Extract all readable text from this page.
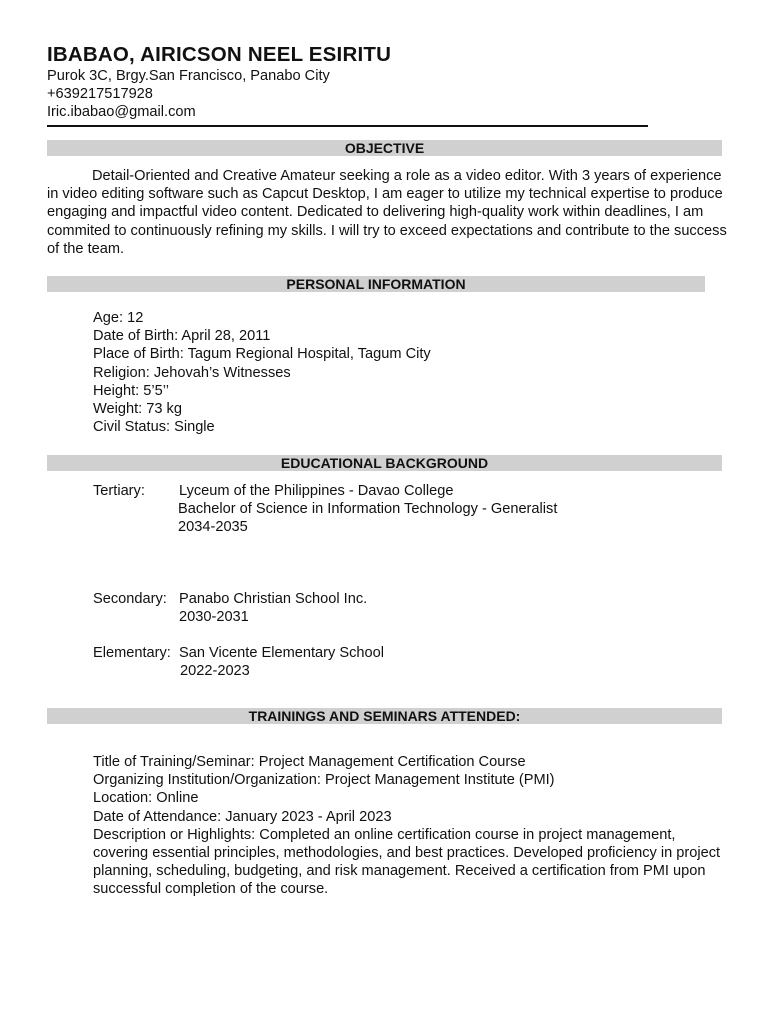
IBABAO, AIRICSON NEEL ESIRITU
Purok 3C, Brgy.San Francisco, Panabo City
+639217517928
Iric.ibabao@gmail.com
OBJECTIVE

Detail-Oriented and Creative Amateur seeking a role as a video editor. With 3 years of experience in video editing software such as Capcut Desktop, I am eager to utilize my technical expertise to produce engaging and impactful video content. Dedicated to delivering high-quality work within deadlines, I am commited to continuously refining my skills. I will try to exceed expectations and contribute to the success of the team.

PERSONAL INFORMATION
Age: 12
Date of Birth: April 28, 2011
Place of Birth: Tagum Regional Hospital, Tagum City
Religion: Jehovah’s Witnesses
Height: 5’5’’
Weight: 73 kg
Civil Status: Single
EDUCATIONAL BACKGROUND
Tertiary: Lyceum of the Philippines - Davao College
Bachelor of Science in Information Technology - Generalist
2034-2035
Secondary: Panabo Christian School Inc.
2030-2031
Elementary: San Vicente Elementary School
2022-2023
TRAININGS AND SEMINARS ATTENDED:
Title of Training/Seminar: Project Management Certification Course
Organizing Institution/Organization: Project Management Institute (PMI)
Location: Online
Date of Attendance: January 2023 - April 2023
Description or Highlights: Completed an online certification course in project management, covering essential principles, methodologies, and best practices. Developed proficiency in project planning, scheduling, budgeting, and risk management. Received a certification from PMI upon successful completion of the course.
